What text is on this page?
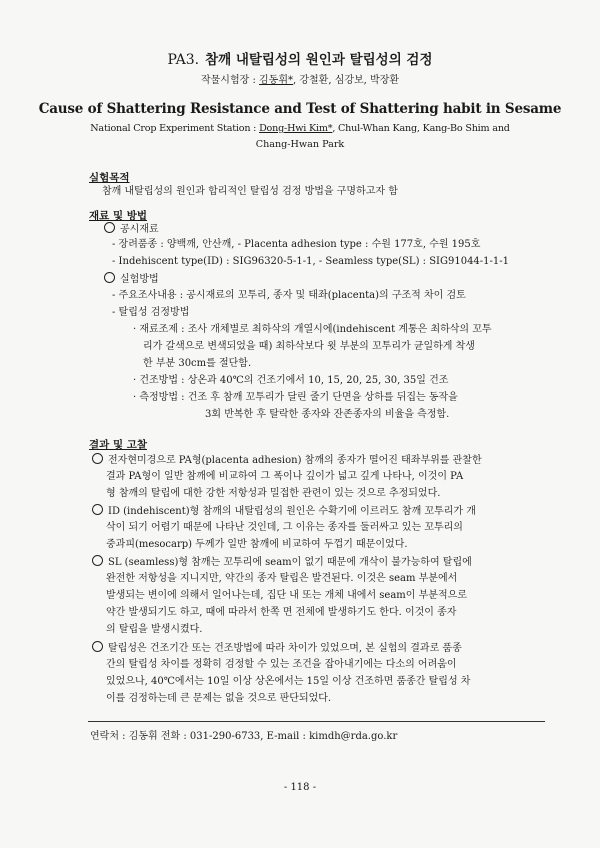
PA3. 참깨 내탈립성의 원인과 탈립성의 검정
작물시험장 : 김동휘*, 강철환, 심강보, 박장환
Cause of Shattering Resistance and Test of Shattering habit in Sesame
National Crop Experiment Station : Dong-Hwi Kim*, Chul-Whan Kang, Kang-Bo Shim and
Chang-Hwan Park
실험목적
참깨 내탈립성의 원인과 합리적인 탈립성 검정 방법을 구명하고자 함
재료 및 방법
공시재료
- 장려품종 : 양백깨, 안산깨, - Placenta adhesion type : 수원 177호, 수원 195호
- Indehiscent type(ID) : SIG96320-5-1-1, - Seamless type(SL) : SIG91044-1-1-1
실험방법
- 주요조사내용 : 공시재료의 꼬투리, 종자 및 태좌(placenta)의 구조적 차이 검토
- 탈립성 검정방법
· 재료조제 : 조사 개체별로 최하삭의 개열시에(indehiscent 계통은 최하삭의 꼬투
리가 갈색으로 변색되었을 때) 최하삭보다 윗 부분의 꼬투리가 균일하게 착생
한 부분 30cm를 절단함.
· 건조방법 : 상온과 40℃의 건조기에서 10, 15, 20, 25, 30, 35일 건조
· 측정방법 : 건조 후 참깨 꼬투리가 달린 줄기 단면을 상하를 뒤집는 동작을
3회 반복한 후 탈락한 종자와 잔존종자의 비율을 측정함.
결과 및 고찰
전자현미경으로 PA형(placenta adhesion) 참깨의 종자가 떨어진 태좌부위를 관찰한
결과 PA형이 일반 참깨에 비교하여 그 폭이나 깊이가 넓고 깊게 나타나, 이것이 PA
형 참깨의 탈립에 대한 강한 저항성과 밀접한 관련이 있는 것으로 추정되었다.
ID (indehiscent)형 참깨의 내탈립성의 원인은 수확기에 이르러도 참깨 꼬투리가 개
삭이 되기 어렵기 때문에 나타난 것인데, 그 이유는 종자를 둘러싸고 있는 꼬투리의
중과피(mesocarp) 두께가 일반 참깨에 비교하여 두껍기 때문이었다.
SL (seamless)형 참깨는 꼬투리에 seam이 없기 때문에 개삭이 불가능하여 탈립에
완전한 저항성을 지니지만, 약간의 종자 탈립은 발견된다. 이것은 seam 부분에서
발생되는 변이에 의해서 일어나는데, 집단 내 또는 개체 내에서 seam이 부분적으로
약간 발생되기도 하고, 때에 따라서 한쪽 면 전체에 발생하기도 한다. 이것이 종자
의 탈립을 발생시켰다.
탈립성은 건조기간 또는 건조방법에 따라 차이가 있었으며, 본 실험의 결과로 품종
간의 탈립성 차이를 정확히 검정할 수 있는 조건을 잡아내기에는 다소의 어려움이
있었으나, 40℃에서는 10일 이상 상온에서는 15일 이상 건조하면 품종간 탈립성 차
이를 검정하는데 큰 문제는 없을 것으로 판단되었다.
연락처 : 김동휘 전화 : 031-290-6733, E-mail : kimdh@rda.go.kr
- 118 -
